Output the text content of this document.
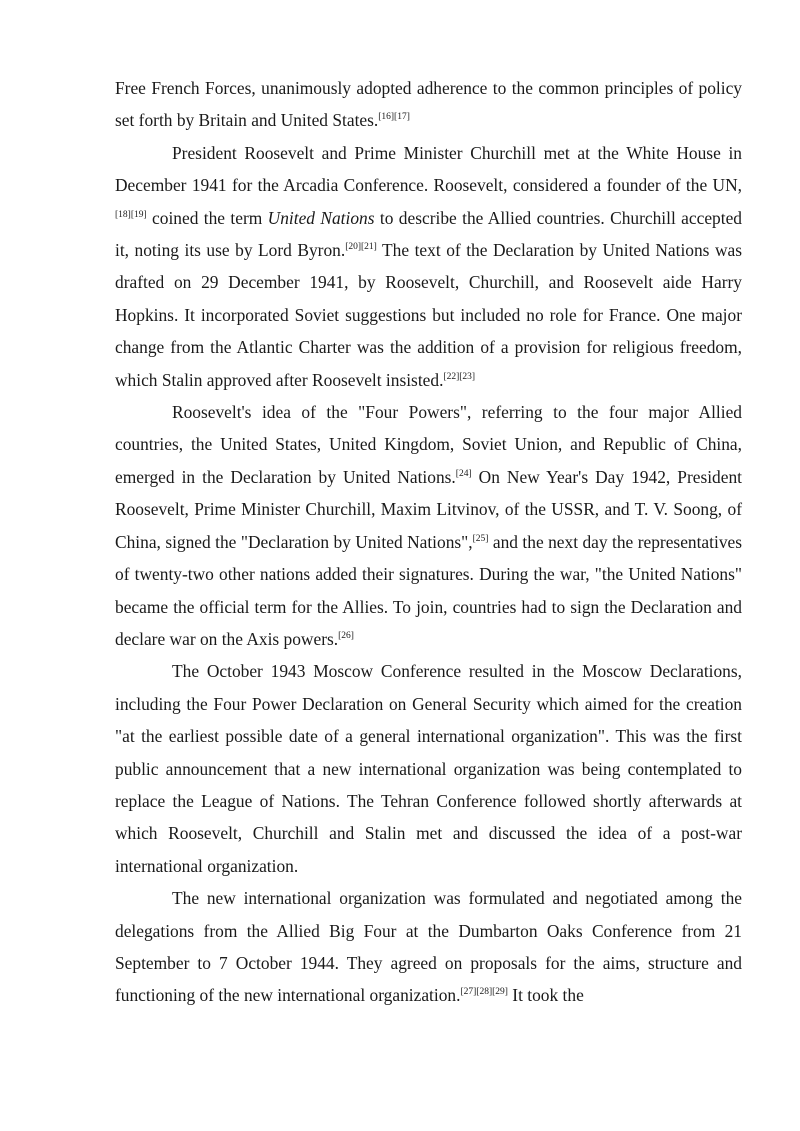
Free French Forces, unanimously adopted adherence to the common principles of policy set forth by Britain and United States.[16][17]

President Roosevelt and Prime Minister Churchill met at the White House in December 1941 for the Arcadia Conference. Roosevelt, considered a founder of the UN,[18][19] coined the term United Nations to describe the Allied countries. Churchill accepted it, noting its use by Lord Byron.[20][21] The text of the Declaration by United Nations was drafted on 29 December 1941, by Roosevelt, Churchill, and Roosevelt aide Harry Hopkins. It incorporated Soviet suggestions but included no role for France. One major change from the Atlantic Charter was the addition of a provision for religious freedom, which Stalin approved after Roosevelt insisted.[22][23]

Roosevelt's idea of the "Four Powers", referring to the four major Allied countries, the United States, United Kingdom, Soviet Union, and Republic of China, emerged in the Declaration by United Nations.[24] On New Year's Day 1942, President Roosevelt, Prime Minister Churchill, Maxim Litvinov, of the USSR, and T. V. Soong, of China, signed the "Declaration by United Nations",[25] and the next day the representatives of twenty-two other nations added their signatures. During the war, "the United Nations" became the official term for the Allies. To join, countries had to sign the Declaration and declare war on the Axis powers.[26]

The October 1943 Moscow Conference resulted in the Moscow Declarations, including the Four Power Declaration on General Security which aimed for the creation "at the earliest possible date of a general international organization". This was the first public announcement that a new international organization was being contemplated to replace the League of Nations. The Tehran Conference followed shortly afterwards at which Roosevelt, Churchill and Stalin met and discussed the idea of a post-war international organization.

The new international organization was formulated and negotiated among the delegations from the Allied Big Four at the Dumbarton Oaks Conference from 21 September to 7 October 1944. They agreed on proposals for the aims, structure and functioning of the new international organization.[27][28][29] It took the
